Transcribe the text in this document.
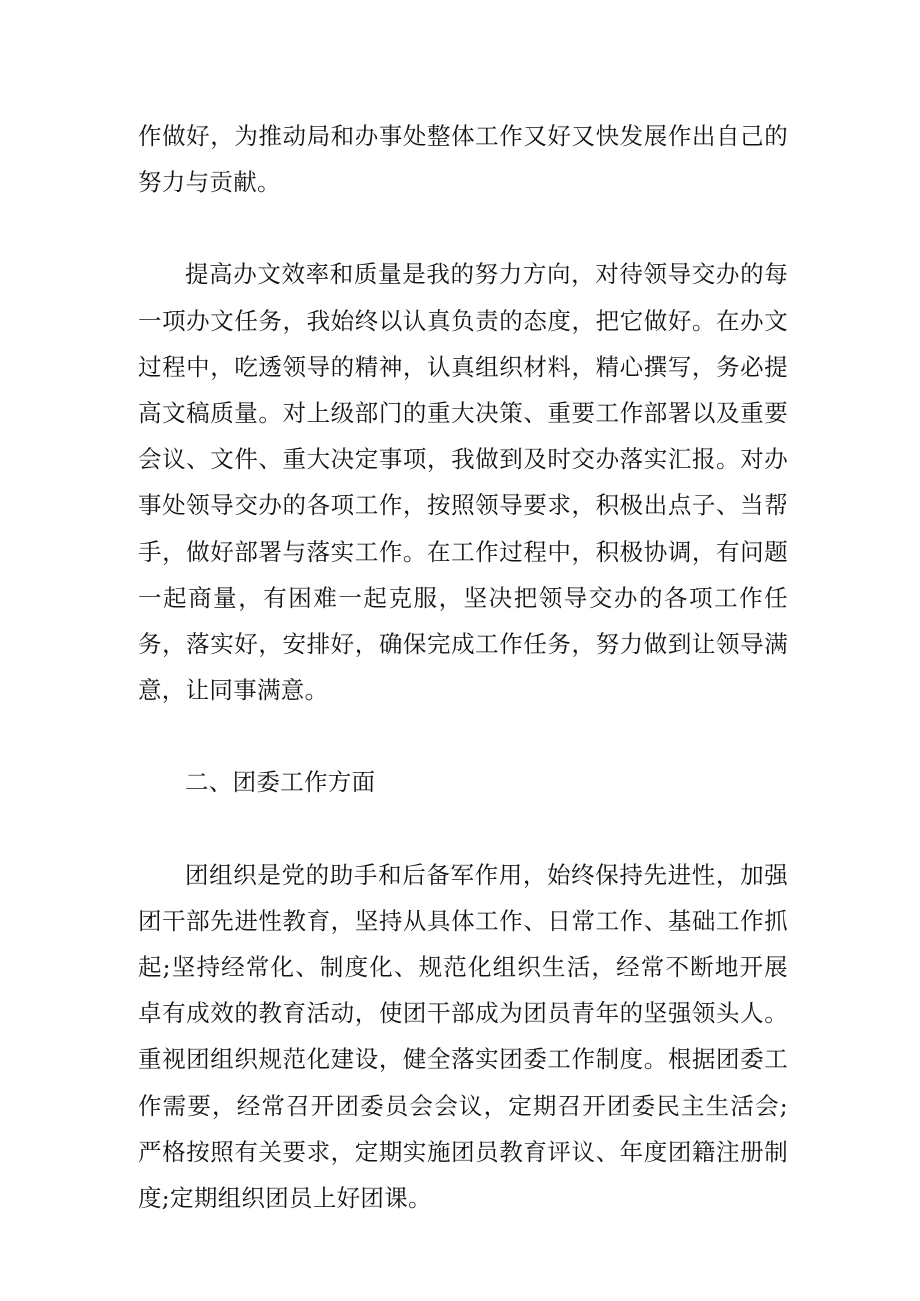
作做好，为推动局和办事处整体工作又好又快发展作出自己的努力与贡献。

提高办文效率和质量是我的努力方向，对待领导交办的每一项办文任务，我始终以认真负责的态度，把它做好。在办文过程中，吃透领导的精神，认真组织材料，精心撰写，务必提高文稿质量。对上级部门的重大决策、重要工作部署以及重要会议、文件、重大决定事项，我做到及时交办落实汇报。对办事处领导交办的各项工作，按照领导要求，积极出点子、当帮手，做好部署与落实工作。在工作过程中，积极协调，有问题一起商量，有困难一起克服，坚决把领导交办的各项工作任务，落实好，安排好，确保完成工作任务，努力做到让领导满意，让同事满意。

二、团委工作方面

团组织是党的助手和后备军作用，始终保持先进性，加强团干部先进性教育，坚持从具体工作、日常工作、基础工作抓起;坚持经常化、制度化、规范化组织生活，经常不断地开展卓有成效的教育活动，使团干部成为团员青年的坚强领头人。重视团组织规范化建设，健全落实团委工作制度。根据团委工作需要，经常召开团委员会会议，定期召开团委民主生活会;严格按照有关要求，定期实施团员教育评议、年度团籍注册制度;定期组织团员上好团课。
